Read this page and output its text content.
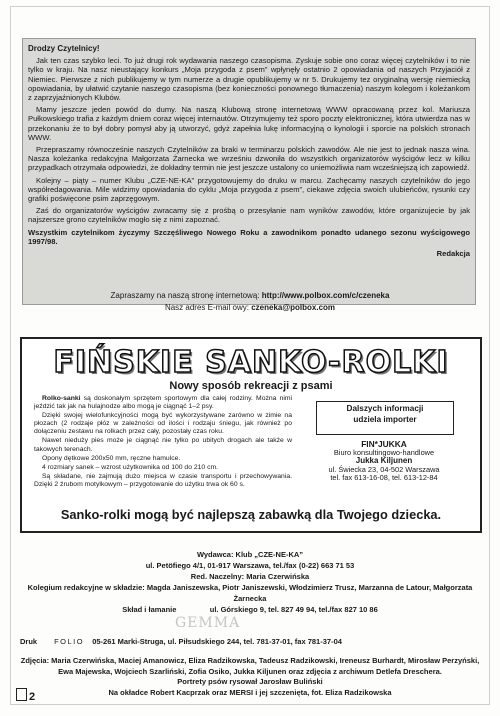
Drodzy Czytelnicy!

Jak ten czas szybko leci. To już drugi rok wydawania naszego czasopisma. Zyskuje sobie ono coraz więcej czytelników i to nie tylko w kraju. Na nasz nieustający konkurs „Moja przygoda z psem” wpłynęły ostatnio 2 opowiadania od naszych Przyjaciół z Niemiec. Pierwsze z nich publikujemy w tym numerze a drugie opublikujemy w nr 5. Drukujemy tez oryginalną wersję niemiecką opowiadania, by ułatwić czytanie naszego czasopisma (bez konieczności ponownego tłumaczenia) naszym kolegom i koleżankom z zaprzyjaźnionych Klubów.

Mamy jeszcze jeden powód do dumy. Na naszą Klubową stronę internetową WWW opracowaną przez kol. Mariusza Pułkowskiego trafia z każdym dniem coraz więcej internautów. Otrzymujemy też sporo poczty elektronicznej, która utwierdza nas w przekonaniu że to był dobry pomysł aby ją utworzyć, gdyż zapełnia lukę informacyjną o kynologii i sporcie na polskich stronach WWW.

Przepraszamy równocześnie naszych Czytelników za braki w terminarzu polskich zawodów. Ale nie jest to jednak nasza wina. Nasza koleżanka redakcyjna Małgorzata Żarnecka we wrześniu dzwoniła do wszystkich organizatorów wyścigów lecz w kilku przypadkach otrzymała odpowiedzi, że dokładny termin nie jest jeszcze ustalony co uniemożliwia nam wcześniejszą ich zapowiedź.

Kolejny – piąty – numer Klubu „CZE-NE-KA” przygotowujemy do druku w marcu. Zachęcamy naszych czytelników do jego współredagowania. Mile widzimy opowiadania do cyklu „Moja przygoda z psem”, ciekawe zdjęcia swoich ulubieńców, rysunki czy grafiki poświęcone psim zaprzęgowym.

Zaś do organizatorów wyścigów zwracamy się z prośbą o przesyłanie nam wyników zawodów, które organizujecie by jak najszersze grono czytelników mogło się z nimi zapoznać.

Wszystkim czytelnikom życzymy Szczęśliwego Nowego Roku a zawodnikom ponadto udanego sezonu wyścigowego 1997/98.

Redakcja

Zapraszamy na naszą stronę internetową: http://www.polbox.com/c/czeneka
Nasz adres E-mail owy: czeneka@polbox.com
FIŃSKIE SANKO-ROLKI
Nowy sposób rekreacji z psami

Rolko-sanki są doskonałym sprzętem sportowym dla całej rodziny. Można nimi jeździć tak jak na hulajnodze albo mogą je ciągnąć 1–2 psy.

Dzięki swojej wielofunkcyjności mogą być wykorzystywane zarówno w zimie na płozach (2 rodzaje płóz w zależności od ilości i rodzaju śniegu, jak również po dołączeniu zestawu na rolkach przez cały, pozostały czas roku.

Nawet niedużу pies może je ciągnąć nie tylko po ubitych drogach ale także w takowych terenach.

Opony dętkowe 200x50 mm, ręczne hamulce.

4 rozmiary sanek – wzrost użytkownika od 100 do 210 cm.

Są składane, nie zajmują dużo miejsca w czasie transportu i przechowywania. Dzięki 2 źrubom motylkowym – przygotowanie do użytku trwa ok 60 s.

Dalszych informacji
udziela importer
FIN*JUKKA
Biuro konsultingowo-handlowe
Jukka Kiljunen
ul. Świecka 23, 04-502 Warszawa
tel. fax 613-16-08, tel. 613-12-84
Sanko-rolki mogą być najlepszą zabawką dla Twojego dziecka.
Wydawca: Klub „CZE-NE-KA”
ul. Petöfiego 4/1, 01-917 Warszawa, tel./fax (0-22) 663 71 53
Red. Naczelny: Maria Czerwińska
Kolegium redakcyjne w składzie: Magda Janiszewska, Piotr Janiszewski, Włodzimierz Trusz, Marzanna de Latour, Małgorzata Żarnecka
Skład i łamanie	ul. Górskiego 9, tel. 827 49 94, tel./fax 827 10 86
GEMMA
Druk FOLIO 05-261 Marki-Struga, ul. Piłsudskiego 244, tel. 781-37-01, fax 781-37-04
Zdjęcia: Maria Czerwińska, Maciej Amanowicz, Eliza Radzikowska, Tadeusz Radzikowski, Ireneusz Burhardt, Mirosław Perzyński, Ewa Majewska, Wojciech Szarliński, Zofia Osiko, Jukka Kiljunen oraz zdjęcia z archiwum Detlefa Dreschera.
Portrety psów rysował Jarosław Buliński
Na okładce Robert Kacprzak oraz MERSI i jej szczenięta, fot. Eliza Radzikowska
2
